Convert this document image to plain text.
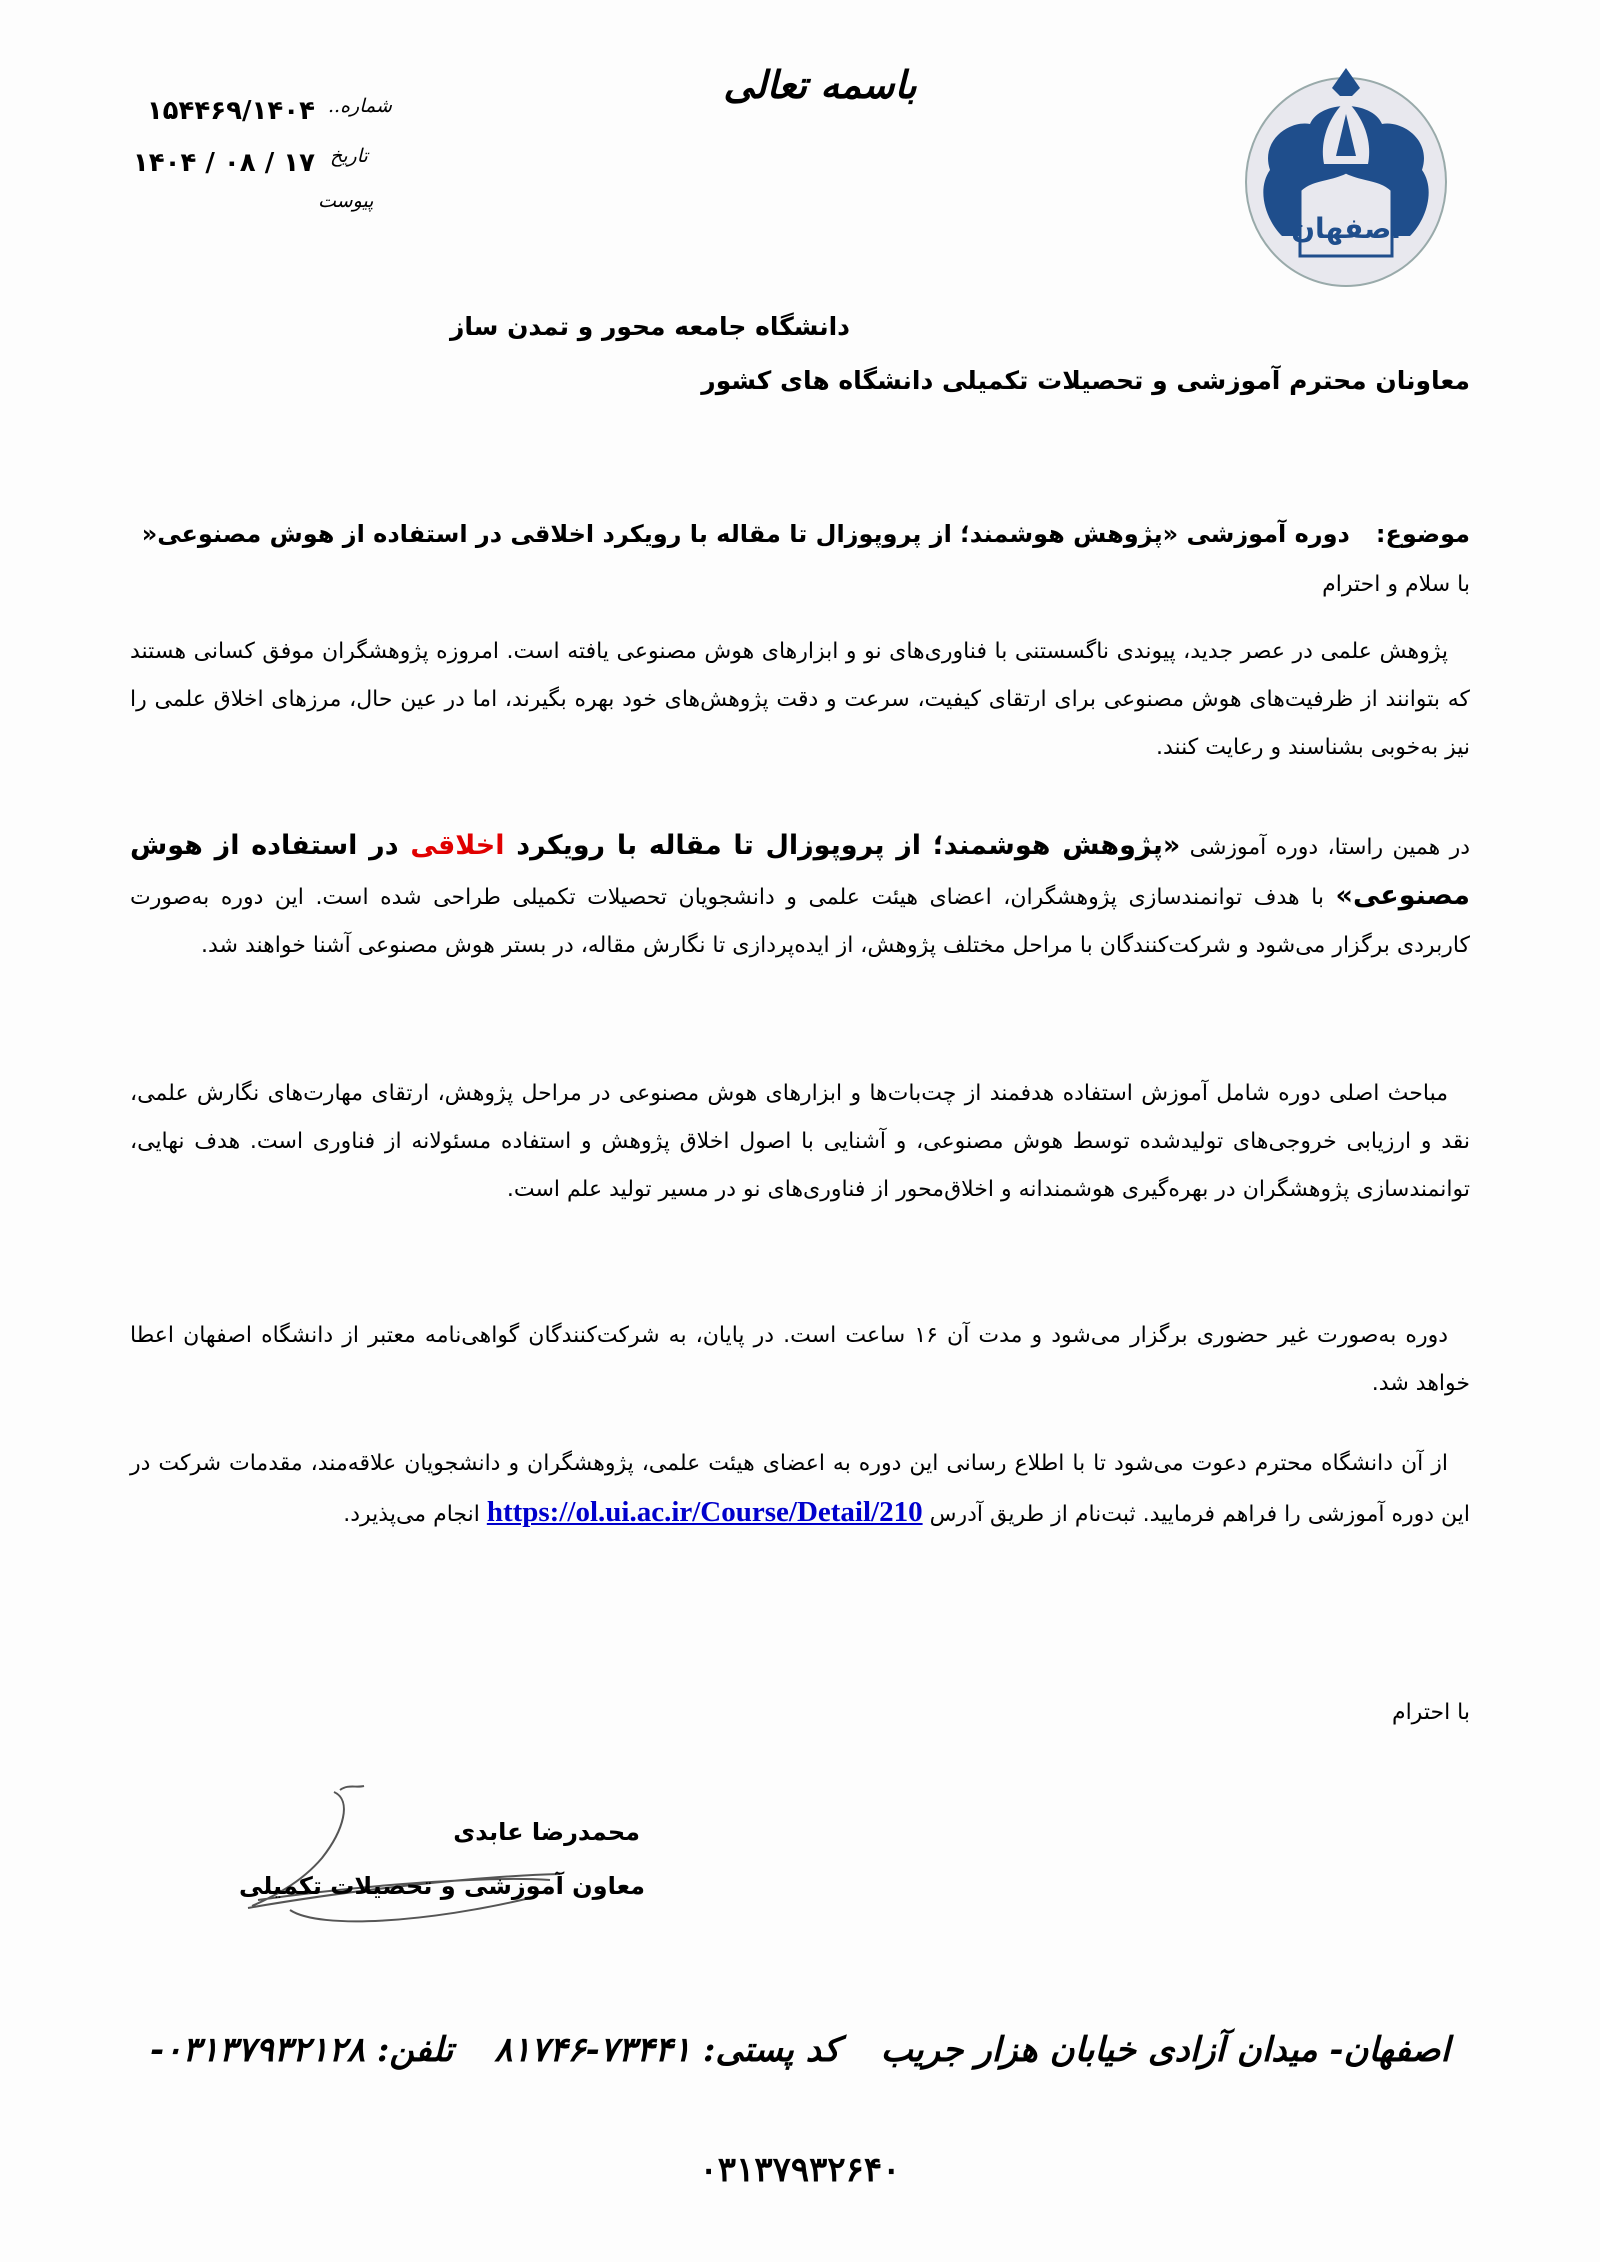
اصفهان
باسمه تعالی
شماره..
تاریخ
پیوست
۱۵۴۴۶۹/۱۴۰۴
۱۴۰۴ / ۰۸ / ۱۷
دانشگاه جامعه محور و تمدن ساز
معاونان محترم آموزشی و تحصیلات تکمیلی دانشگاه های کشور
موضوع:دوره آموزشی «پژوهش هوشمند؛ از پروپوزال تا مقاله با رویکرد اخلاقی در استفاده از هوش مصنوعی«
با سلام و احترام
پژوهش علمی در عصر جدید، پیوندی ناگسستنی با فناوری‌های نو و ابزارهای هوش مصنوعی یافته است. امروزه پژوهشگران موفق کسانی هستند که بتوانند از ظرفیت‌های هوش مصنوعی برای ارتقای کیفیت، سرعت و دقت پژوهش‌های خود بهره بگیرند، اما در عین حال، مرزهای اخلاق علمی را نیز به‌خوبی بشناسند و رعایت کنند.
در همین راستا، دوره آموزشی «پژوهش هوشمند؛ از پروپوزال تا مقاله با رویکرد اخلاقی در استفاده از هوش مصنوعی» با هدف توانمندسازی پژوهشگران، اعضای هیئت علمی و دانشجویان تحصیلات تکمیلی طراحی شده است. این دوره به‌صورت کاربردی برگزار می‌شود و شرکت‌کنندگان با مراحل مختلف پژوهش، از ایده‌پردازی تا نگارش مقاله، در بستر هوش مصنوعی آشنا خواهند شد.
مباحث اصلی دوره شامل آموزش استفاده هدفمند از چت‌بات‌ها و ابزارهای هوش مصنوعی در مراحل پژوهش، ارتقای مهارت‌های نگارش علمی، نقد و ارزیابی خروجی‌های تولیدشده توسط هوش مصنوعی، و آشنایی با اصول اخلاق پژوهش و استفاده مسئولانه از فناوری است. هدف نهایی، توانمندسازی پژوهشگران در بهره‌گیری هوشمندانه و اخلاق‌محور از فناوری‌های نو در مسیر تولید علم است.
دوره به‌صورت غیر حضوری برگزار می‌شود و مدت آن ۱۶ ساعت است. در پایان، به شرکت‌کنندگان گواهی‌نامه معتبر از دانشگاه اصفهان اعطا خواهد شد.
از آن دانشگاه محترم دعوت می‌شود تا با اطلاع رسانی این دوره به اعضای هیئت علمی، پژوهشگران و دانشجویان علاقه‌مند، مقدمات شرکت در این دوره آموزشی را فراهم فرمایید. ثبت‌نام از طریق آدرس https://ol.ui.ac.ir/Course/Detail/210 انجام می‌پذیرد.
با احترام
محمدرضا عابدی
معاون آموزشی و تحصیلات تکمیلی
اصفهان- میدان آزادی خیابان هزار جریب
کد پستی: ۷۳۴۴۱-۸۱۷۴۶
تلفن: ۰۳۱۳۷۹۳۲۱۲۸-
۰۳۱۳۷۹۳۲۶۴۰
